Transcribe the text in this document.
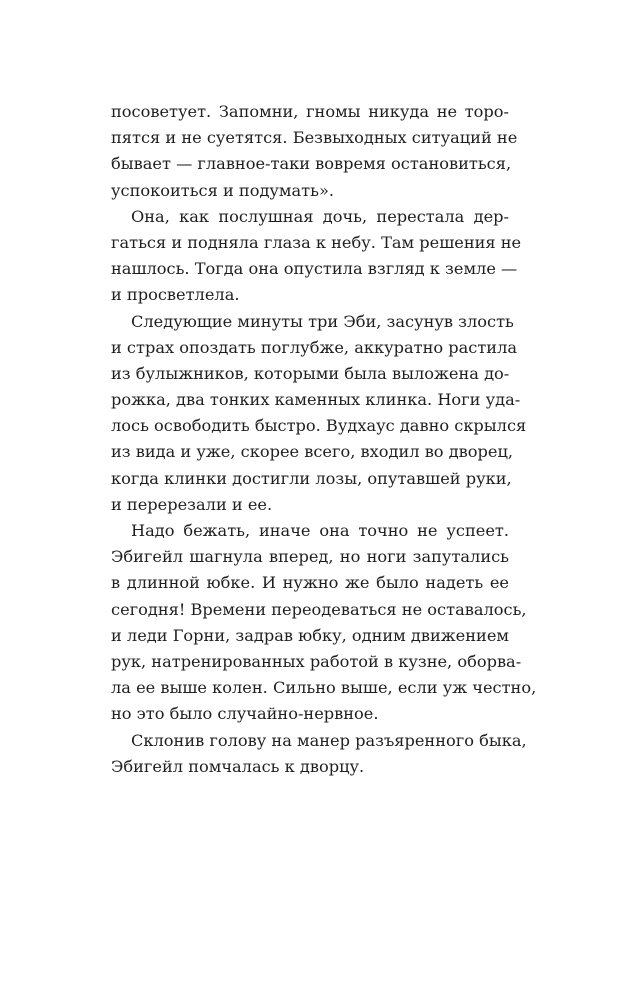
посоветует. Запомни, гномы никуда не торо-
пятся и не суетятся. Безвыходных ситуаций не
бывает — главное-таки вовремя остановиться,
успокоиться и подумать».
Она, как послушная дочь, перестала дер-
гаться и подняла глаза к небу. Там решения не
нашлось. Тогда она опустила взгляд к земле —
и просветлела.
Следующие минуты три Эби, засунув злость
и страх опоздать поглубже, аккуратно растила
из булыжников, которыми была выложена до-
рожка, два тонких каменных клинка. Ноги уда-
лось освободить быстро. Вудхаус давно скрылся
из вида и уже, скорее всего, входил во дворец,
когда клинки достигли лозы, опутавшей руки,
и перерезали и ее.
Надо бежать, иначе она точно не успеет.
Эбигейл шагнула вперед, но ноги запутались
в длинной юбке. И нужно же было надеть ее
сегодня! Времени переодеваться не оставалось,
и леди Горни, задрав юбку, одним движением
рук, натренированных работой в кузне, оборва-
ла ее выше колен. Сильно выше, если уж честно,
но это было случайно-нервное.
Склонив голову на манер разъяренного быка,
Эбигейл помчалась к дворцу.
